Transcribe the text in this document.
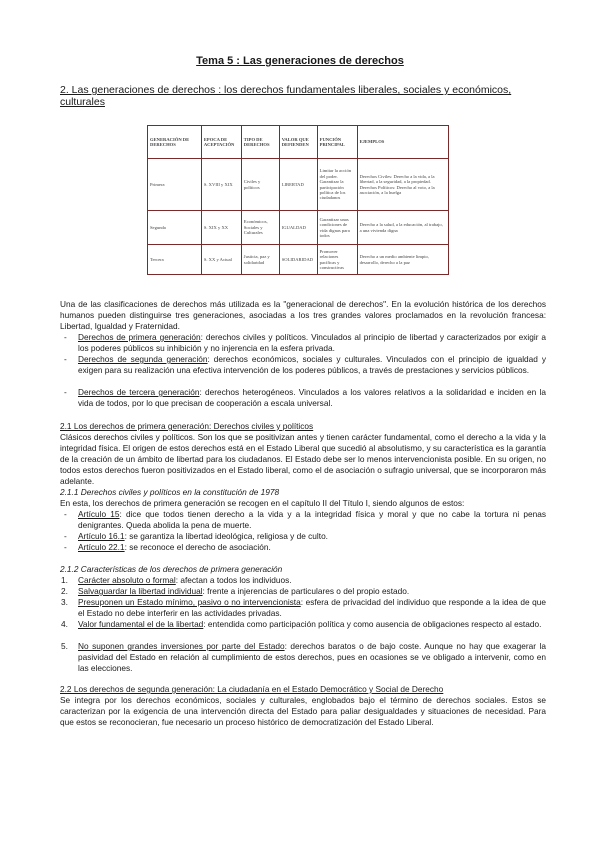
Tema 5 : Las generaciones de derechos
2. Las generaciones de derechos : los derechos fundamentales liberales, sociales y económicos, culturales
GENERACIÓN DE DERECHOS	EPOCA DE ACEPTACIÓN	TIPO DE DERECHOS	VALOR QUE DEFIENDEN	FUNCIÓN PRINCIPAL	EJEMPLOS
Primera	S. XVIII y XIX	Civiles y políticos	LIBERTAD	Limitar la acción del poder. Garantizar la participación política de los ciudadanos	Derechos Civiles: Derecho a la vida, a la libertad, a la seguridad, a la propiedad. Derechos Políticos: Derecho al voto, a la asociación, a la huelga
Segunda	S. XIX y XX	Económicos, Sociales y Culturales	IGUALDAD	Garantizar unas condiciones de vida dignas para todos	Derecho a la salud, a la educación, al trabajo, a una vivienda digna
Tercera	S. XX y Actual	Justicia, paz y solidaridad	SOLIDARIDAD	Promover relaciones pacíficas y constructivas	Derecho a un medio ambiente limpio, desarrollo, derecho a la paz
Una de las clasificaciones de derechos más utilizada es la "generacional de derechos". En la evolución histórica de los derechos humanos pueden distinguirse tres generaciones, asociadas a los tres grandes valores proclamados en la revolución francesa: Libertad, Igualdad y Fraternidad.
- Derechos de primera generación: derechos civiles y políticos. Vinculados al principio de libertad y caracterizados por exigir a los poderes públicos su inhibición y no injerencia en la esfera privada.
- Derechos de segunda generación: derechos económicos, sociales y culturales. Vinculados con el principio de igualdad y exigen para su realización una efectiva intervención de los poderes públicos, a través de prestaciones y servicios públicos.
- Derechos de tercera generación: derechos heterogéneos. Vinculados a los valores relativos a la solidaridad e inciden en la vida de todos, por lo que precisan de cooperación a escala universal.
2.1 Los derechos de primera generación: Derechos civiles y políticos
Clásicos derechos civiles y políticos. Son los que se positivizan antes y tienen carácter fundamental, como el derecho a la vida y la integridad física. El origen de estos derechos está en el Estado Liberal que sucedió al absolutismo, y su característica es la garantía de la creación de un ámbito de libertad para los ciudadanos. El Estado debe ser lo menos intervencionista posible. En su origen, no todos estos derechos fueron positivizados en el Estado liberal, como el de asociación o sufragio universal, que se incorporaron más adelante.
2.1.1 Derechos civiles y políticos en la constitución de 1978
En esta, los derechos de primera generación se recogen en el capítulo II del Título I, siendo algunos de estos:
- Artículo 15: dice que todos tienen derecho a la vida y a la integridad física y moral y que no cabe la tortura ni penas denigrantes. Queda abolida la pena de muerte.
- Artículo 16.1: se garantiza la libertad ideológica, religiosa y de culto.
- Artículo 22.1: se reconoce el derecho de asociación.
2.1.2 Características de los derechos de primera generación
1. Carácter absoluto o formal: afectan a todos los individuos.
2. Salvaguardar la libertad individual: frente a injerencias de particulares o del propio estado.
3. Presuponen un Estado mínimo, pasivo o no intervencionista: esfera de privacidad del individuo que responde a la idea de que el Estado no debe interferir en las actividades privadas.
4. Valor fundamental el de la libertad: entendida como participación política y como ausencia de obligaciones respecto al estado.
5. No suponen grandes inversiones por parte del Estado: derechos baratos o de bajo coste. Aunque no hay que exagerar la pasividad del Estado en relación al cumplimiento de estos derechos, pues en ocasiones se ve obligado a intervenir, como en las elecciones.
2.2 Los derechos de segunda generación: La ciudadanía en el Estado Democrático y Social de Derecho
Se integra por los derechos económicos, sociales y culturales, englobados bajo el término de derechos sociales. Estos se caracterizan por la exigencia de una intervención directa del Estado para paliar desigualdades y situaciones de necesidad. Para que estos se reconocieran, fue necesario un proceso histórico de democratización del Estado Liberal.
